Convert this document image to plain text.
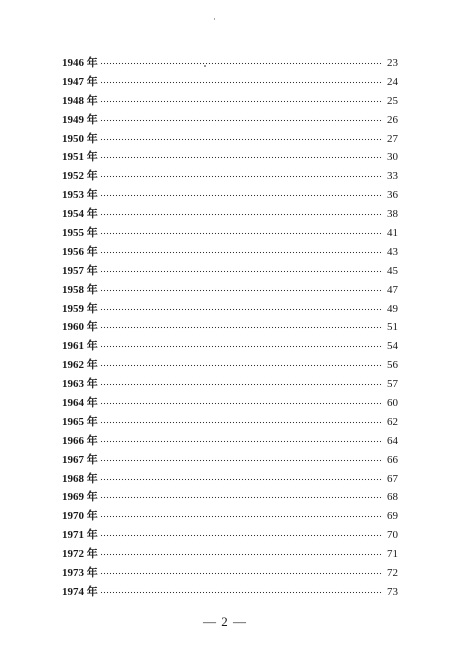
1946 年	23
1947 年	24
1948 年	25
1949 年	26
1950 年	27
1951 年	30
1952 年	33
1953 年	36
1954 年	38
1955 年	41
1956 年	43
1957 年	45
1958 年	47
1959 年	49
1960 年	51
1961 年	54
1962 年	56
1963 年	57
1964 年	60
1965 年	62
1966 年	64
1967 年	66
1968 年	67
1969 年	68
1970 年	69
1971 年	70
1972 年	71
1973 年	72
1974 年	73
— 2 —
